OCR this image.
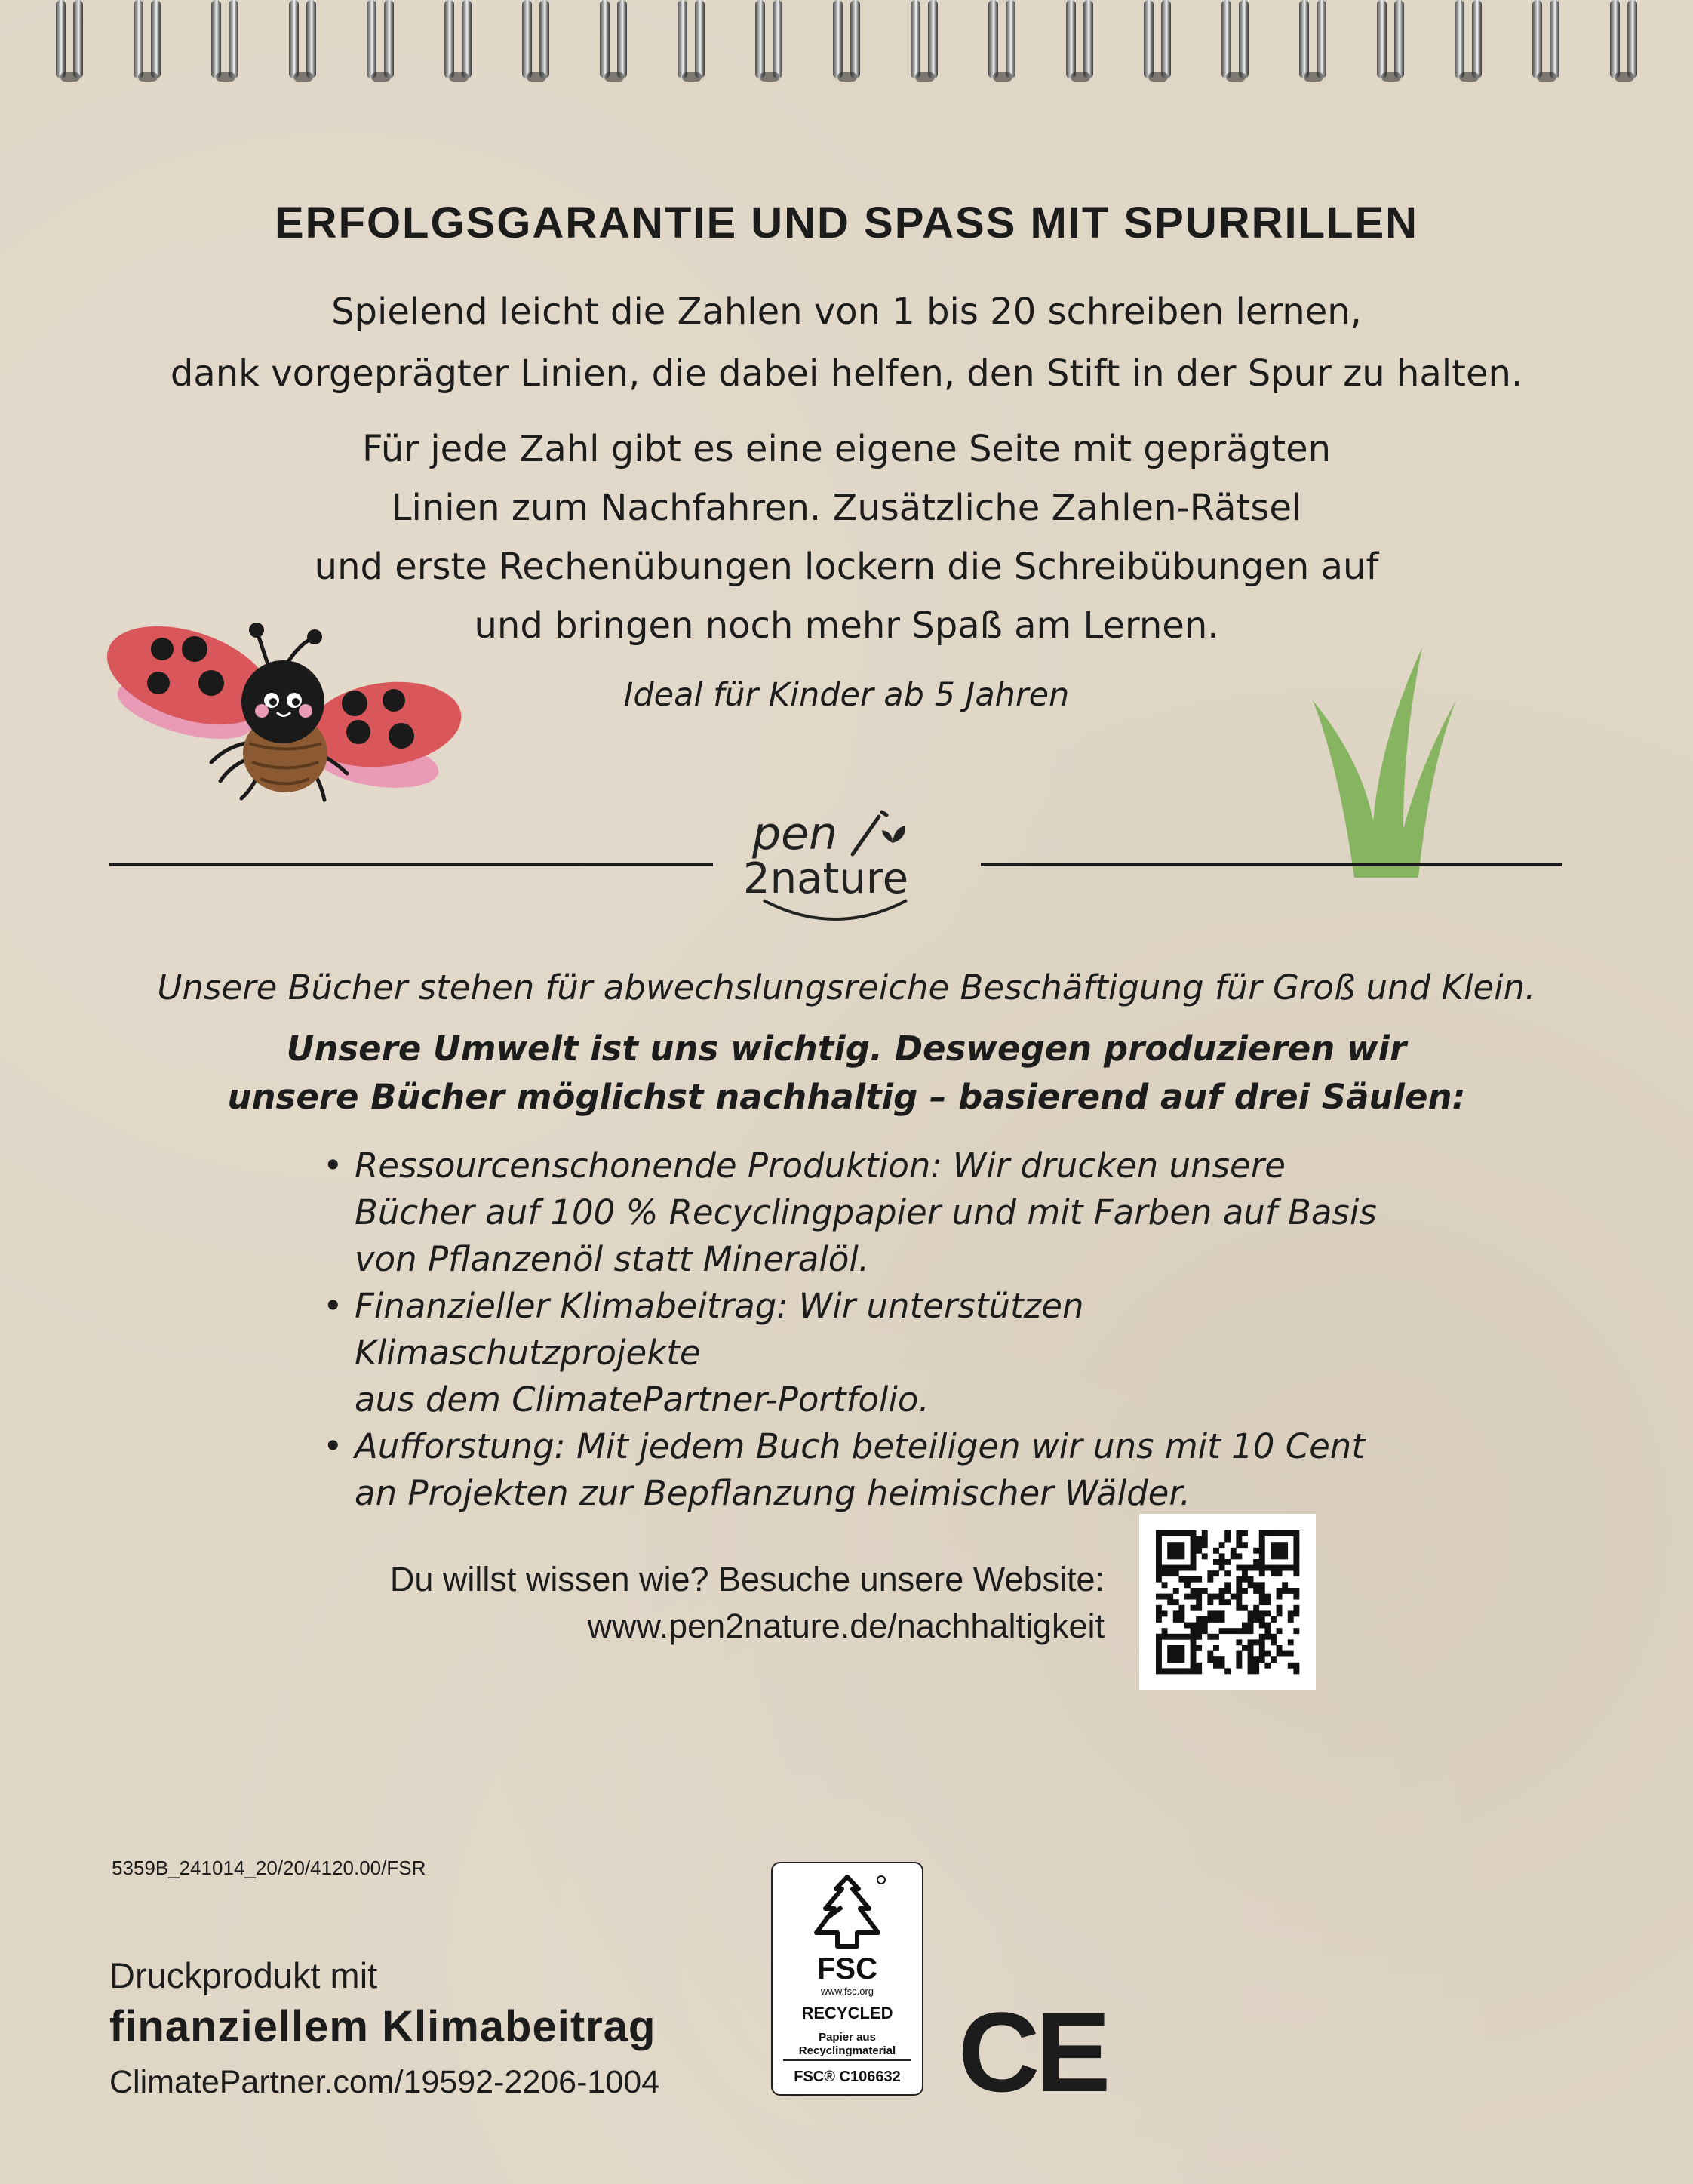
ERFOLGSGARANTIE UND SPASS MIT SPURRILLEN
Spielend leicht die Zahlen von 1 bis 20 schreiben lernen,
dank vorgeprägter Linien, die dabei helfen, den Stift in der Spur zu halten.
Für jede Zahl gibt es eine eigene Seite mit geprägten
Linien zum Nachfahren. Zusätzliche Zahlen-Rätsel
und erste Rechenübungen lockern die Schreibübungen auf
und bringen noch mehr Spaß am Lernen.
Ideal für Kinder ab 5 Jahren
pen
2nature
Unsere Bücher stehen für abwechslungsreiche Beschäftigung für Groß und Klein.
Unsere Umwelt ist uns wichtig. Deswegen produzieren wir
unsere Bücher möglichst nachhaltig – basierend auf drei Säulen:
• Ressourcenschonende Produktion: Wir drucken unsere
Bücher auf 100 % Recyclingpapier und mit Farben auf Basis
von Pflanzenöl statt Mineralöl.
• Finanzieller Klimabeitrag: Wir unterstützen Klimaschutzprojekte
aus dem ClimatePartner-Portfolio.
• Aufforstung: Mit jedem Buch beteiligen wir uns mit 10 Cent
an Projekten zur Bepflanzung heimischer Wälder.
Du willst wissen wie? Besuche unsere Website:
www.pen2nature.de/nachhaltigkeit
5359B_241014_20/20/4120.00/FSR
Druckprodukt mit
finanziellem Klimabeitrag
ClimatePartner.com/19592-2206-1004
FSC
www.fsc.org
RECYCLED
Papier aus
Recyclingmaterial
FSC® C106632 CE
